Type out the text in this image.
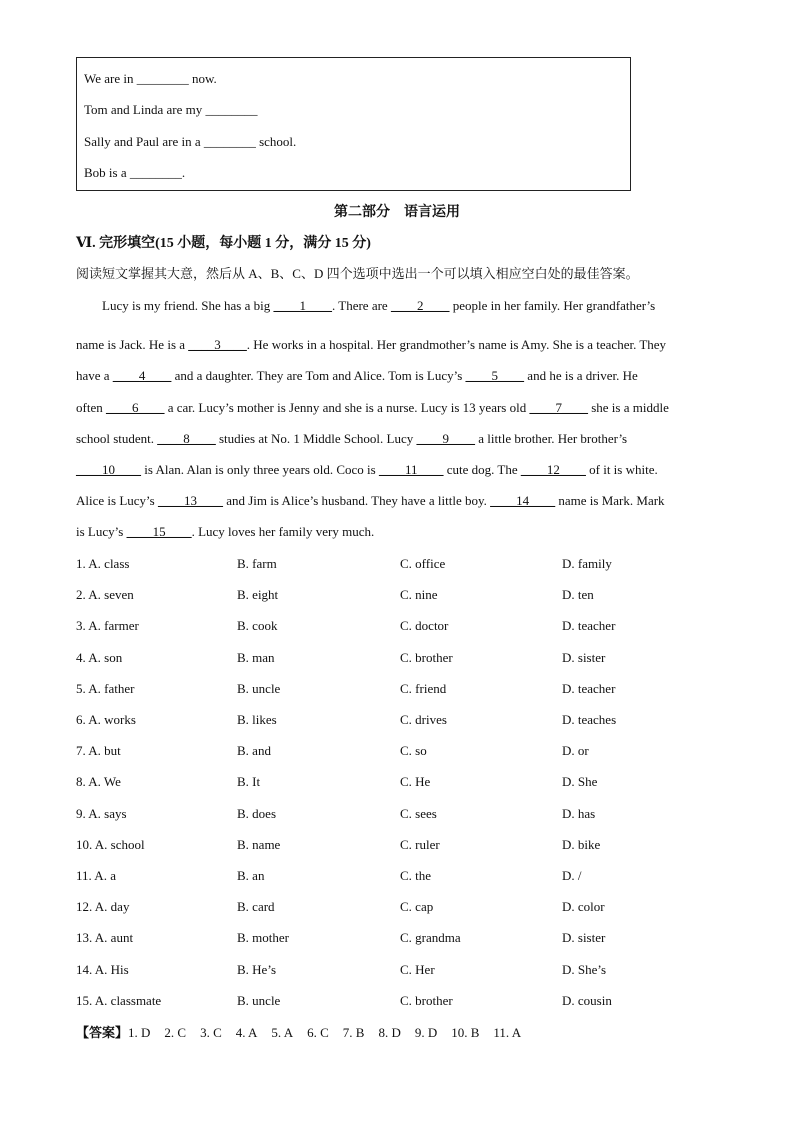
We are in ________ now.
Tom and Linda are my ________
Sally and Paul are in a ________ school.
Bob is a ________.
第二部分　语言运用
Ⅵ. 完形填空(15 小题，每小题 1 分，满分 15 分)
阅读短文掌握其大意，然后从 A、B、C、D 四个选项中选出一个可以填入相应空白处的最佳答案。
　　Lucy is my friend. She has a big ____1____. There are ____2____ people in her family. Her grandfather’s
name is Jack. He is a ____3____. He works in a hospital. Her grandmother’s name is Amy. She is a teacher. They
have a ____4____ and a daughter. They are Tom and Alice. Tom is Lucy’s ____5____ and he is a driver. He
often ____6____ a car. Lucy’s mother is Jenny and she is a nurse. Lucy is 13 years old ____7____ she is a middle
school student. ____8____ studies at No. 1 Middle School. Lucy ____9____ a little brother. Her brother’s
____10____ is Alan. Alan is only three years old. Coco is ____11____ cute dog. The ____12____ of it is white.
Alice is Lucy’s ____13____ and Jim is Alice’s husband. They have a little boy. ____14____ name is Mark. Mark
is Lucy’s ____15____. Lucy loves her family very much.
1. A. class	B. farm	C. office	D. family
2. A. seven	B. eight	C. nine	D. ten
3. A. farmer	B. cook	C. doctor	D. teacher
4. A. son	B. man	C. brother	D. sister
5. A. father	B. uncle	C. friend	D. teacher
6. A. works	B. likes	C. drives	D. teaches
7. A. but	B. and	C. so	D. or
8. A. We	B. It	C. He	D. She
9. A. says	B. does	C. sees	D. has
10. A. school	B. name	C. ruler	D. bike
11. A. a	B. an	C. the	D. /
12. A. day	B. card	C. cap	D. color
13. A. aunt	B. mother	C. grandma	D. sister
14. A. His	B. He’s	C. Her	D. She’s
15. A. classmate	B. uncle	C. brother	D. cousin
【答案】1. D 2. C 3. C 4. A 5. A 6. C 7. B 8. D 9. D 10. B 11. A
